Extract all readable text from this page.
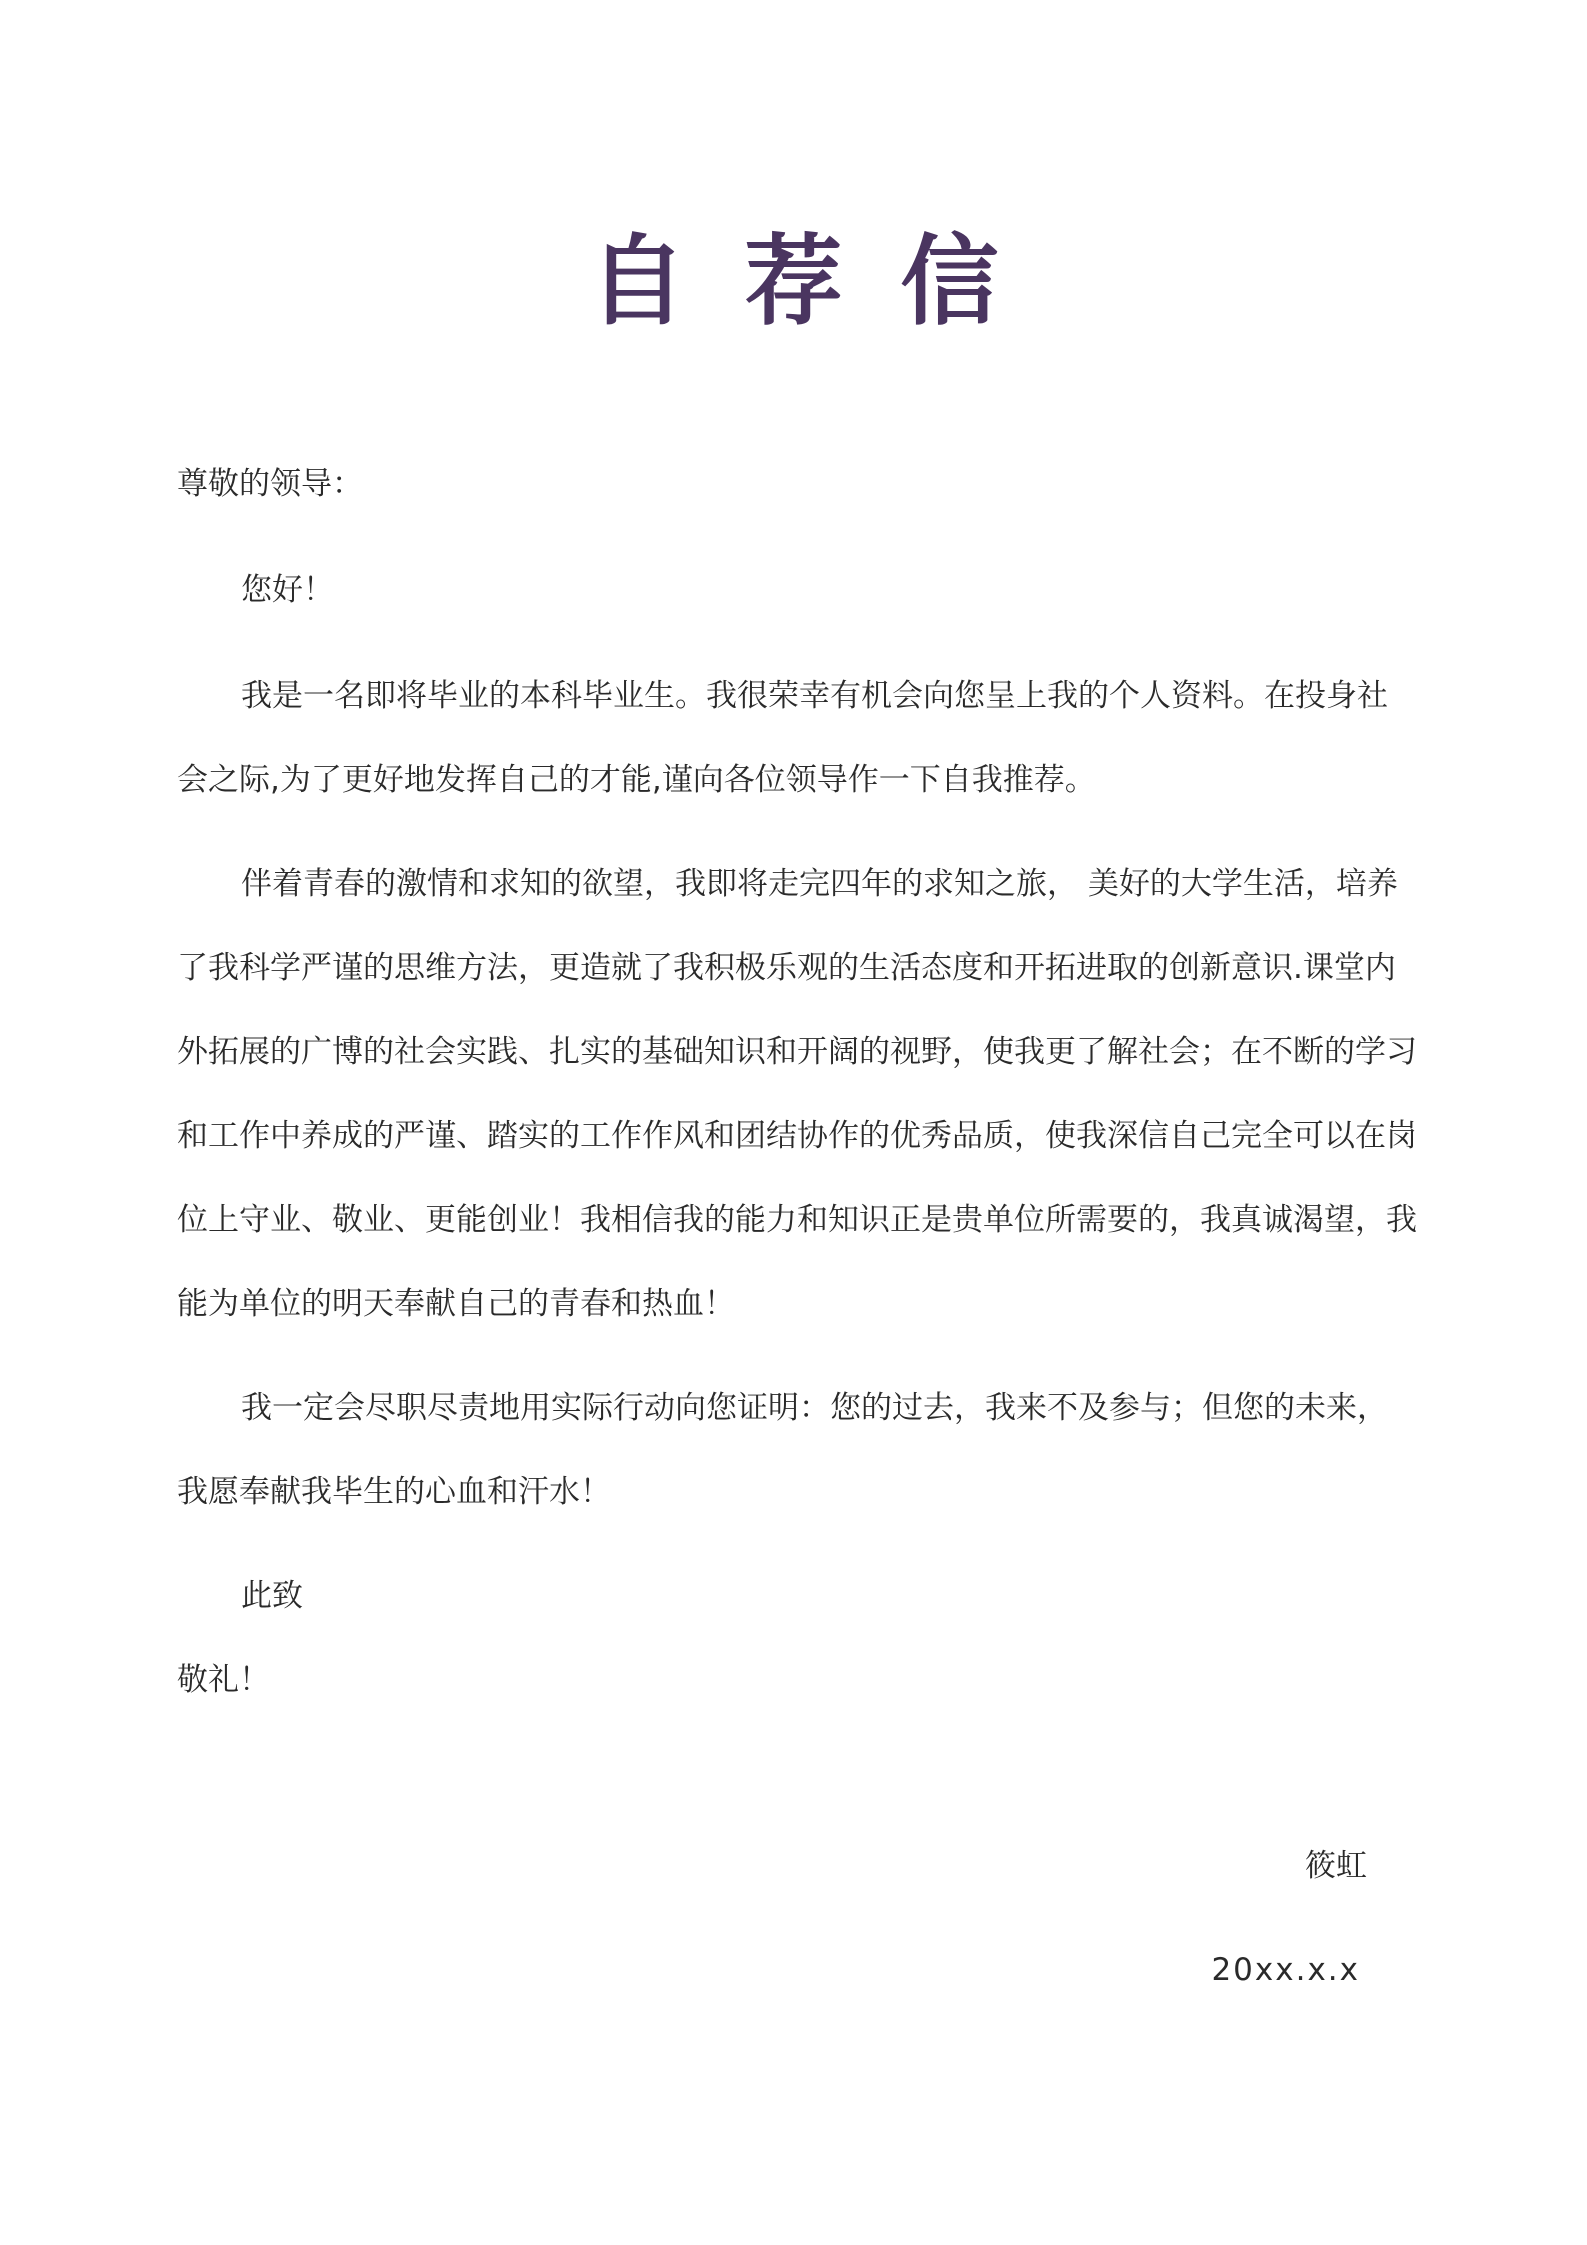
自荐信
尊敬的领导：
您好！
我是一名即将毕业的本科毕业生。我很荣幸有机会向您呈上我的个人资料。在投身社会之际,为了更好地发挥自己的才能,谨向各位领导作一下自我推荐。
伴着青春的激情和求知的欲望，我即将走完四年的求知之旅， 美好的大学生活，培养了我科学严谨的思维方法，更造就了我积极乐观的生活态度和开拓进取的创新意识.课堂内外拓展的广博的社会实践、扎实的基础知识和开阔的视野，使我更了解社会；在不断的学习和工作中养成的严谨、踏实的工作作风和团结协作的优秀品质，使我深信自己完全可以在岗位上守业、敬业、更能创业！我相信我的能力和知识正是贵单位所需要的，我真诚渴望，我能为单位的明天奉献自己的青春和热血！
我一定会尽职尽责地用实际行动向您证明：您的过去，我来不及参与；但您的未来，我愿奉献我毕生的心血和汗水！
此致
敬礼！
筱虹
20xx.x.x
